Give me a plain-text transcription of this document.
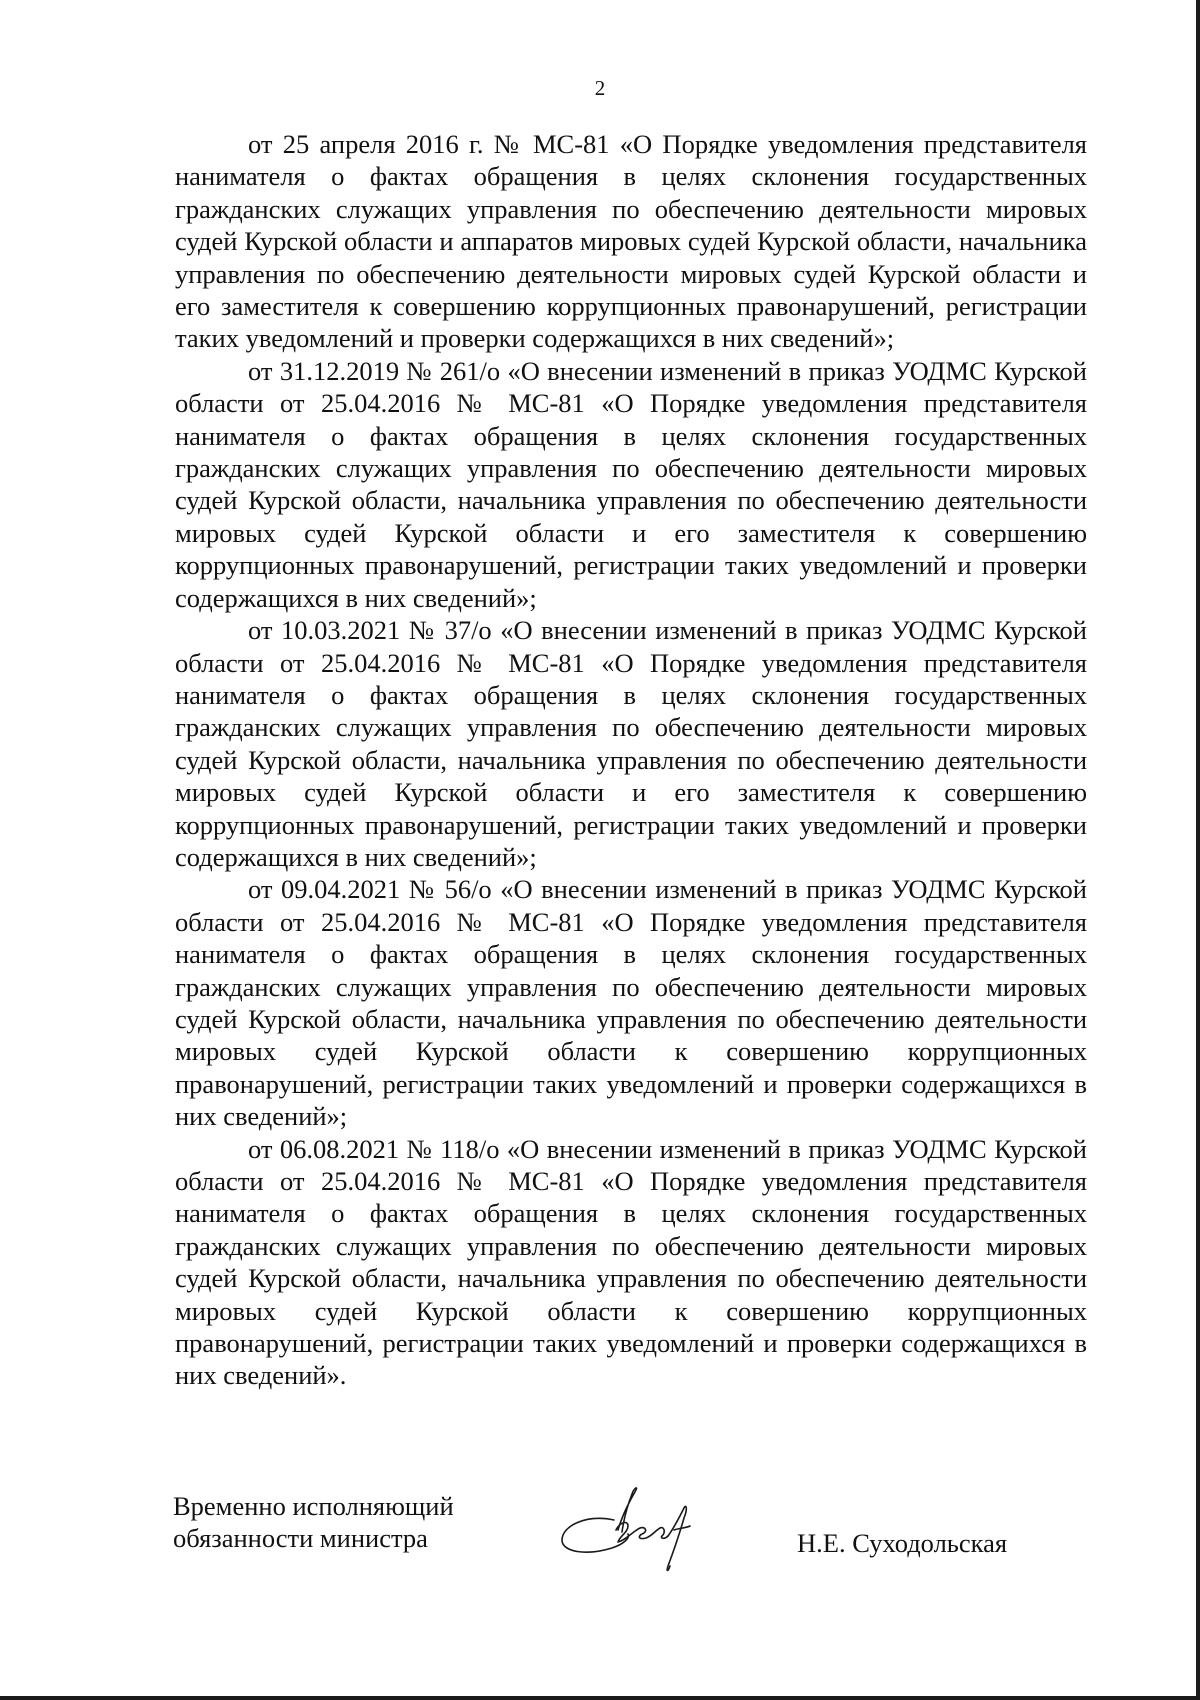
2

от 25 апреля 2016 г. № МС-81 «О Порядке уведомления представителя нанимателя о фактах обращения в целях склонения государственных гражданских служащих управления по обеспечению деятельности мировых судей Курской области и аппаратов мировых судей Курской области, начальника управления по обеспечению деятельности мировых судей Курской области и его заместителя к совершению коррупционных правонарушений, регистрации таких уведомлений и проверки содержащихся в них сведений»;

от 31.12.2019 № 261/о «О внесении изменений в приказ УОДМС Курской области от 25.04.2016 № МС-81 «О Порядке уведомления представителя нанимателя о фактах обращения в целях склонения государственных гражданских служащих управления по обеспечению деятельности мировых судей Курской области, начальника управления по обеспечению деятельности мировых судей Курской области и его заместителя к совершению коррупционных правонарушений, регистрации таких уведомлений и проверки содержащихся в них сведений»;

от 10.03.2021 № 37/о «О внесении изменений в приказ УОДМС Курской области от 25.04.2016 № МС-81 «О Порядке уведомления представителя нанимателя о фактах обращения в целях склонения государственных гражданских служащих управления по обеспечению деятельности мировых судей Курской области, начальника управления по обеспечению деятельности мировых судей Курской области и его заместителя к совершению коррупционных правонарушений, регистрации таких уведомлений и проверки содержащихся в них сведений»;

от 09.04.2021 № 56/о «О внесении изменений в приказ УОДМС Курской области от 25.04.2016 № МС-81 «О Порядке уведомления представителя нанимателя о фактах обращения в целях склонения государственных гражданских служащих управления по обеспечению деятельности мировых судей Курской области, начальника управления по обеспечению деятельности мировых судей Курской области к совершению коррупционных правонарушений, регистрации таких уведомлений и проверки содержащихся в них сведений»;

от 06.08.2021 № 118/о «О внесении изменений в приказ УОДМС Курской области от 25.04.2016 № МС-81 «О Порядке уведомления представителя нанимателя о фактах обращения в целях склонения государственных гражданских служащих управления по обеспечению деятельности мировых судей Курской области, начальника управления по обеспечению деятельности мировых судей Курской области к совершению коррупционных правонарушений, регистрации таких уведомлений и проверки содержащихся в них сведений».

Временно исполняющий
обязанности министра	Н.Е. Суходольская
